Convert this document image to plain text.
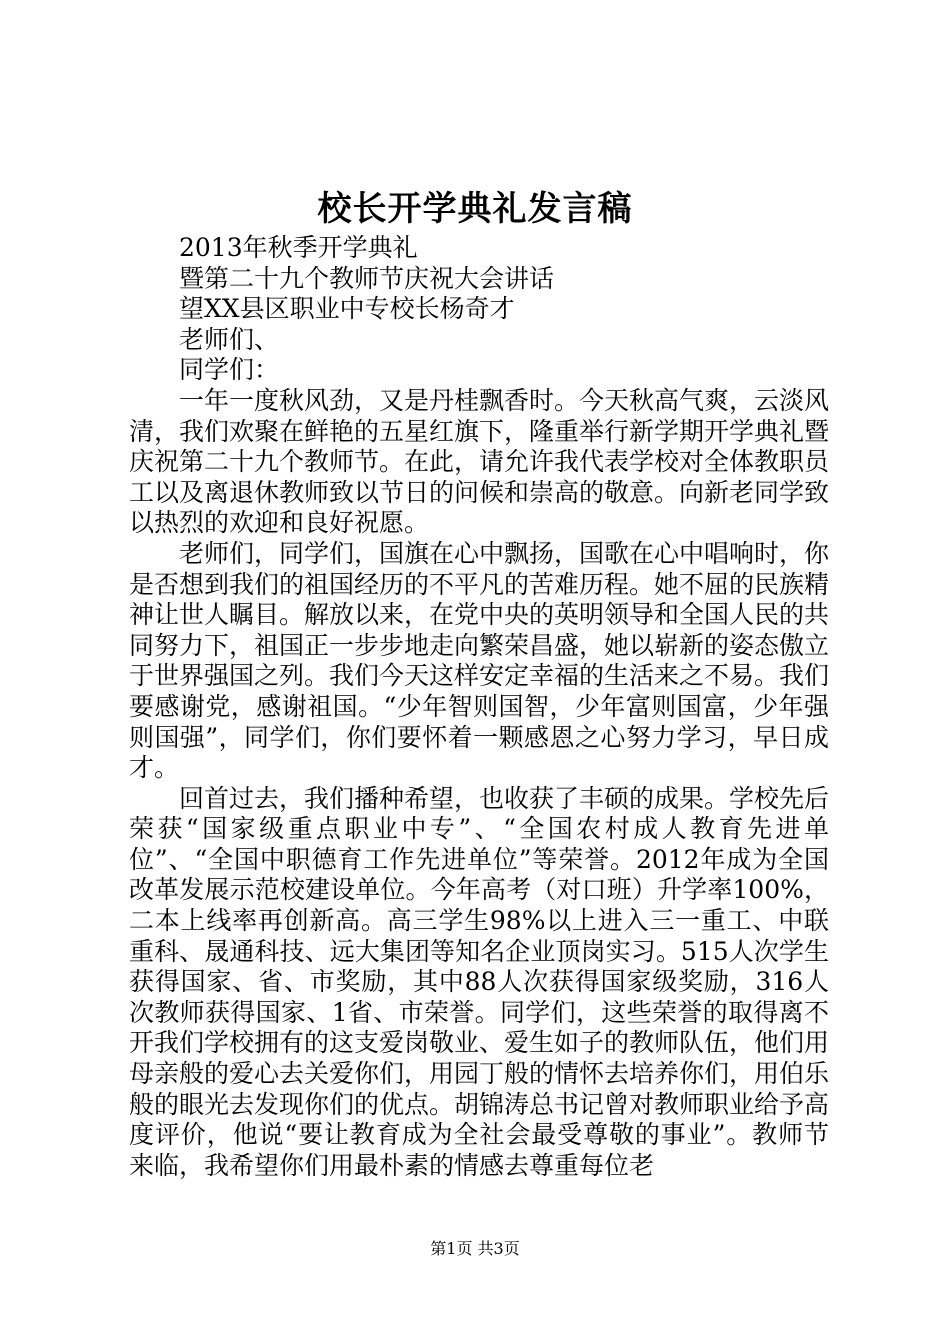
校长开学典礼发言稿
2013年秋季开学典礼
暨第二十九个教师节庆祝大会讲话
望XX县区职业中专校长杨奇才
老师们、
同学们：

一年一度秋风劲，又是丹桂飘香时。今天秋高气爽，云淡风清，我们欢聚在鲜艳的五星红旗下，隆重举行新学期开学典礼暨庆祝第二十九个教师节。在此，请允许我代表学校对全体教职员工以及离退休教师致以节日的问候和崇高的敬意。向新老同学致以热烈的欢迎和良好祝愿。

老师们，同学们，国旗在心中飘扬，国歌在心中唱响时，你是否想到我们的祖国经历的不平凡的苦难历程。她不屈的民族精神让世人瞩目。解放以来，在党中央的英明领导和全国人民的共同努力下，祖国正一步步地走向繁荣昌盛，她以崭新的姿态傲立于世界强国之列。我们今天这样安定幸福的生活来之不易。我们要感谢党，感谢祖国。“少年智则国智，少年富则国富，少年强则国强”，同学们，你们要怀着一颗感恩之心努力学习，早日成才。

回首过去，我们播种希望，也收获了丰硕的成果。学校先后荣获“国家级重点职业中专”、“全国农村成人教育先进单位”、“全国中职德育工作先进单位”等荣誉。2012年成为全国改革发展示范校建设单位。今年高考（对口班）升学率100%，二本上线率再创新高。高三学生98%以上进入三一重工、中联重科、晟通科技、远大集团等知名企业顶岗实习。515人次学生获得国家、省、市奖励，其中88人次获得国家级奖励，316人次教师获得国家、1省、市荣誉。同学们，这些荣誉的取得离不开我们学校拥有的这支爱岗敬业、爱生如子的教师队伍，他们用母亲般的爱心去关爱你们，用园丁般的情怀去培养你们，用伯乐般的眼光去发现你们的优点。胡锦涛总书记曾对教师职业给予高度评价，他说“要让教育成为全社会最受尊敬的事业”。教师节来临，我希望你们用最朴素的情感去尊重每位老

第1页 共3页
